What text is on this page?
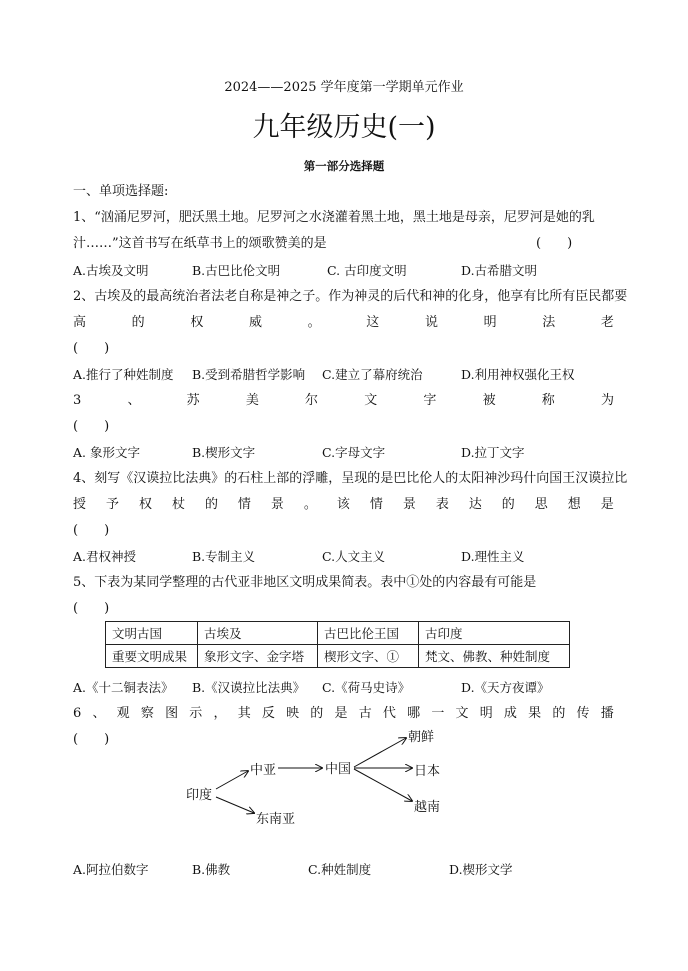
2024——2025 学年度第一学期单元作业
九年级历史(一)
第一部分选择题
一、单项选择题:
1、“汹涌尼罗河，肥沃黑土地。尼罗河之水浇灌着黑土地，黑土地是母亲，尼罗河是她的乳
汁……”这首书写在纸草书上的颂歌赞美的是	(　　)
A.古埃及文明	B.古巴比伦文明	C. 古印度文明	D.古希腊文明
2、古埃及的最高统治者法老自称是神之子。作为神灵的后代和神的化身，他享有比所有臣民都要
高	的	权	威	。	这	说	明	法	老
(　　)
A.推行了种姓制度 B.受到希腊哲学影响 C.建立了幕府统治	D.利用神权强化王权
3	、	苏	美	尔	文	字	被	称	为
(　　)
A. 象形文字	B.楔形文字	C.字母文字	D.拉丁文字
4、刻写《汉谟拉比法典》的石柱上部的浮雕，呈现的是巴比伦人的太阳神沙玛什向国王汉谟拉比
授 予 权 杖 的 情 景 。 该 情 景 表 达 的 思 想 是
(　　)
A.君权神授	B.专制主义	C.人文主义	D.理性主义
5、下表为某同学整理的古代亚非地区文明成果简表。表中①处的内容最有可能是
(　　)
文明古国	古埃及	古巴比伦王国	古印度
重要文明成果	象形文字、金字塔	楔形文字、①	梵文、佛教、种姓制度
A.《十二铜表法》 B.《汉谟拉比法典》 C.《荷马史诗》	D.《天方夜谭》
6 、 观 察 图 示 ， 其 反 映 的 是 古 代 哪 一 文 明 成 果 的 传 播
(　　)
印度
中亚
东南亚
中国
朝鲜
日本
越南
A.阿拉伯数字	B.佛教	C.种姓制度	D.楔形文学
